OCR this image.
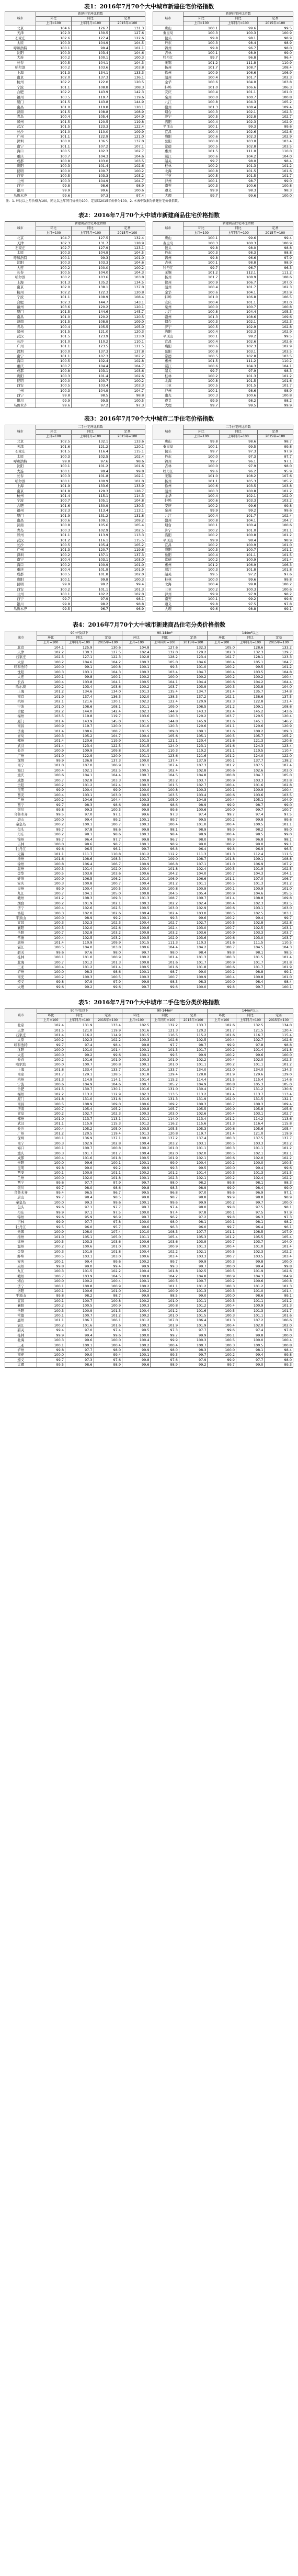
表1：2016年7月70个大中城市新建住宅价格指数
城市	新建住宅环比指数				城市	新建住宅环比指数		
	环比	同比	定基			环比	同比	定基
	上月=100	上年同月=100	2015年=100			上月=100	上年同月=100	2015年=100
北京	104.6	126.7	131.3		唐山	100.1	99.6	99.5
天津	102.3	130.5	127.6		秦皇岛	100.3	100.3	100.9
石家庄	102.6	127.4	122.6		包头	99.8	98.1	98.9
太原	100.3	104.9	104.5		丹东	100.3	98.4	98.9
呼和浩特	100.1	99.4	101.1		锦州	99.8	96.7	98.0
沈阳	100.3	103.4	104.6		吉林	100.1	98.9	99.0
大连	100.2	100.1	100.3		牡丹江	99.7	96.8	96.4
长春	100.5	104.1	104.3		无锡	101.2	111.8	110.9
哈尔滨	100.2	103.6	103.8		扬州	101.7	108.7	108.4
上海	101.3	134.1	133.3		徐州	100.9	106.6	106.9
南京	102.0	137.3	136.1		温州	100.4	101.7	102.3
杭州	102.2	122.0	120.5		金华	100.6	104.0	103.8
宁波	101.1	108.8	108.3		蚌埠	101.0	106.6	106.3
合肥	102.2	143.9	142.3		安庆	100.4	101.1	101.0
福州	103.5	119.7	119.6		泉州	100.0	100.7	100.8
厦门	101.5	143.8	144.9		九江	100.8	104.3	105.2
南昌	101.0	119.8	120.1		赣州	101.3	108.4	109.4
济南	101.5	108.8	108.9		烟台	100.3	102.1	102.3
青岛	100.4	105.4	104.9		济宁	100.5	102.8	102.7
郑州	101.5	120.5	119.8		洛阳	100.4	102.3	102.9
武汉	101.5	123.3	122.4		平顶山	100.1	99.3	99.6
长沙	101.0	110.0	109.9		宜昌	100.4	102.6	102.6
广州	101.1	122.9	121.0		襄阳	100.6	102.3	102.9
深圳	100.0	136.5	137.0		岳阳	100.8	103.0	103.4
南宁	101.1	107.2	107.1		常德	100.5	102.8	103.5
海口	100.5	102.3	102.7		惠州	101.5	111.0	110.0
重庆	100.7	104.3	104.6		湛江	100.6	104.2	104.0
成都	100.8	103.0	103.5		韶关	99.7	98.0	98.4
贵阳	100.3	101.4	102.6		桂林	100.2	101.3	101.2
昆明	100.0	100.7	100.2		北海	100.8	101.5	101.6
西安	100.5	103.3	103.2		三亚	100.5	101.5	101.7
兰州	100.3	104.9	104.7		泸州	100.1	98.7	99.0
西宁	99.8	98.6	98.9		南充	100.3	100.6	100.8
银川	99.9	99.6	100.6		遵义	99.9	98.3	98.3
乌鲁木齐	99.6	97.3	97.4		大理	99.7	99.6	100.0
注：1. 环比以上月价格为100，同比以上年同月价格为100，定基以2015年价格为100。2. 本表中数据为新建住宅价格指数。
表2：2016年7月70个大中城市新建商品住宅价格指数
城市	新建商品住宅环比指数				城市	新建商品住宅环比指数		
	环比	同比	定基			环比	同比	定基
	上月=100	上年同月=100	2015年=100			上月=100	上年同月=100	2015年=100
北京	104.7	127.5	132.4		唐山	100.1	99.6	99.4
天津	102.3	131.7	128.9		秦皇岛	100.3	100.3	100.9
石家庄	102.7	127.9	123.1		包头	99.8	98.0	98.8
太原	100.3	104.9	104.5		丹东	100.3	98.3	98.8
呼和浩特	100.1	99.3	101.0		锦州	99.8	96.6	97.9
沈阳	100.3	103.3	104.6		吉林	100.1	98.8	98.9
大连	100.2	100.0	100.2		牡丹江	99.7	96.7	96.3
长春	100.5	104.0	104.3		无锡	101.2	112.1	111.2
哈尔滨	100.2	103.6	103.8		扬州	101.7	108.9	108.6
上海	101.3	135.2	134.5		徐州	100.9	106.7	107.0
南京	102.0	138.1	137.0		温州	100.4	101.7	102.3
杭州	102.2	122.3	120.8		金华	100.6	104.1	103.9
宁波	101.1	108.9	108.4		蚌埠	101.0	106.8	106.5
合肥	102.3	144.7	143.1		安庆	100.4	101.1	101.0
福州	103.6	120.2	120.1		泉州	100.0	100.7	100.8
厦门	101.5	144.6	145.7		九江	100.8	104.4	105.3
南昌	101.0	120.2	120.5		赣州	101.3	108.6	109.6
济南	101.5	108.9	109.0		烟台	100.3	102.1	102.3
青岛	100.4	105.5	105.0		济宁	100.5	102.9	102.8
郑州	101.5	121.0	120.3		洛阳	100.4	102.3	102.9
武汉	101.5	123.9	123.0		平顶山	100.1	99.2	99.5
长沙	101.0	110.2	110.1		宜昌	100.4	102.6	102.6
广州	101.1	123.5	121.5		襄阳	100.6	102.3	102.9
深圳	100.0	137.3	137.8		岳阳	100.8	103.1	103.5
南宁	101.1	107.3	107.2		常德	100.5	102.8	103.5
海口	100.5	102.4	102.8		惠州	101.5	111.2	110.2
重庆	100.7	104.4	104.7		湛江	100.6	104.3	104.1
成都	100.8	103.1	103.6		韶关	99.7	97.9	98.3
贵阳	100.3	101.4	102.6		桂林	100.2	101.3	101.2
昆明	100.0	100.7	100.2		北海	100.8	101.5	101.6
西安	100.5	103.4	103.3		三亚	100.5	101.5	101.7
兰州	100.3	104.9	104.7		泸州	100.1	98.6	98.9
西宁	99.8	98.5	98.8		南充	100.3	100.6	100.8
银川	99.9	99.5	100.5		遵义	99.9	98.2	98.2
乌鲁木齐	99.6	97.2	97.3		大理	99.7	99.5	99.9
表3：2016年7月70个大中城市二手住宅价格指数
城市	二手住宅环比指数				城市	二手住宅环比指数		
	环比	同比	定基			环比	同比	定基
	上月=100	上年同月=100	2015年=100			上月=100	上年同月=100	2015年=100
北京	102.5	132.1	133.6		唐山	99.8	98.6	98.7
天津	101.6	121.2	120.1		秦皇岛	100.1	99.5	99.8
石家庄	101.5	116.4	115.1		包头	99.7	97.3	97.9
太原	100.3	102.5	102.4		丹东	100.0	97.3	97.7
呼和浩特	99.8	97.6	98.6		锦州	99.7	96.1	97.1
沈阳	100.1	101.2	101.6		吉林	100.0	97.9	98.0
大连	100.1	99.4	99.8		牡丹江	99.6	96.2	95.9
长春	100.3	101.8	102.1		无锡	101.0	108.2	107.6
哈尔滨	100.1	100.9	101.0		扬州	101.1	105.3	105.2
上海	101.9	133.6	133.9		徐州	100.6	103.5	103.8
南京	101.8	129.3	128.7		温州	100.3	100.8	101.2
杭州	101.4	115.1	114.3		金华	100.4	102.1	102.0
宁波	100.7	105.1	104.8		蚌埠	100.6	103.3	103.2
合肥	101.6	130.9	130.3		安庆	100.2	99.6	99.8
福州	102.3	113.4	113.1		泉州	99.9	99.2	99.6
厦门	101.9	131.2	131.8		九江	100.4	101.7	102.4
南昌	100.6	109.1	109.2		赣州	100.8	104.1	104.7
济南	100.8	105.6	105.4		烟台	100.1	100.4	100.6
青岛	100.3	102.9	102.5		济宁	100.2	101.0	101.1
郑州	101.1	113.9	113.3		洛阳	100.2	100.8	101.2
武汉	101.2	116.1	115.5		平顶山	99.9	98.4	98.9
长沙	100.5	105.4	105.2		宜昌	100.2	100.9	101.0
广州	101.3	120.7	119.6		襄阳	100.3	100.7	101.1
深圳	100.2	137.1	137.3		岳阳	100.4	101.1	101.5
南宁	100.4	103.1	103.0		常德	100.2	100.9	101.4
海口	100.2	100.9	101.0		惠州	101.2	106.9	106.3
重庆	100.4	101.9	101.9		湛江	100.3	101.8	101.8
成都	100.5	101.8	102.0		韶关	99.5	97.2	97.6
贵阳	100.1	99.8	100.3		桂林	100.0	99.6	99.8
昆明	99.9	99.2	99.4		北海	100.4	99.8	100.2
西安	100.2	101.1	101.3		三亚	100.2	100.3	100.6
兰州	100.1	102.2	102.0		泸州	99.9	97.9	98.2
西宁	99.7	97.9	98.1		南充	100.1	99.2	99.6
银川	99.8	98.2	98.8		遵义	99.8	97.5	97.8
乌鲁木齐	99.5	96.7	96.9		大理	99.6	98.8	99.1
表4：2016年7月70个大中城市新建商品住宅分类价格指数
城市	90m²及以下			90-144m²			144m²以上		
	环比	同比	定基	环比	同比	定基	环比	同比	定基
	上月=100	上年同月=100	2015年=100	上月=100	上年同月=100	2015年=100	上月=100	上年同月=100	2015年=100
北京	104.1	125.9	130.6	104.8	127.6	132.3	105.0	128.6	133.2
天津	102.2	130.3	127.5	102.4	132.0	129.2	102.3	132.3	129.7
石家庄	102.5	127.1	122.3	102.8	128.2	123.4	102.7	128.1	123.3
太原	100.2	104.6	104.2	100.3	105.0	104.6	100.4	105.1	104.7
呼和浩特	100.0	99.1	100.8	100.1	99.3	101.0	100.2	99.5	101.2
沈阳	100.3	103.1	104.3	100.3	103.4	104.7	100.4	103.5	104.8
大连	100.1	99.8	100.1	100.2	100.0	100.2	100.2	100.2	100.4
长春	100.4	103.8	104.1	100.5	104.1	104.4	100.6	104.2	104.4
哈尔滨	100.2	103.4	103.6	100.2	103.7	103.9	100.3	103.8	104.0
上海	101.2	134.6	134.0	101.3	135.4	134.7	101.4	135.7	134.8
南京	101.9	137.4	136.3	102.0	138.3	137.2	102.1	138.6	137.5
杭州	102.1	121.6	120.1	102.2	122.4	120.9	102.3	122.8	121.4
宁波	101.0	108.6	108.1	101.1	109.0	108.5	101.2	109.1	108.6
合肥	102.2	144.0	142.4	102.3	144.9	143.3	102.4	145.2	143.6
福州	103.5	119.8	119.7	103.6	120.3	120.2	103.7	120.5	120.4
厦门	101.4	143.9	145.0	101.5	144.8	145.9	101.6	145.1	146.2
南昌	100.9	119.7	120.0	101.0	120.3	120.6	101.1	120.6	120.9
济南	101.4	108.6	108.7	101.5	109.0	109.1	101.6	109.2	109.3
青岛	100.3	105.2	104.7	100.4	105.6	105.1	100.5	105.7	105.2
郑州	101.4	120.6	119.9	101.5	121.1	120.4	101.6	121.3	120.6
武汉	101.4	123.4	122.5	101.5	124.0	123.1	101.6	124.3	123.4
长沙	100.9	109.9	109.8	101.0	110.3	110.2	101.1	110.5	110.4
广州	101.0	122.9	120.9	101.1	123.6	121.6	101.2	124.0	122.0
深圳	99.9	136.8	137.3	100.0	137.4	137.9	100.1	137.7	138.2
南宁	101.0	107.0	106.9	101.1	107.4	107.3	101.2	107.5	107.4
海口	100.4	102.1	102.5	100.5	102.4	102.8	100.6	102.6	103.0
重庆	100.6	104.1	104.4	100.7	104.5	104.8	100.8	104.7	105.0
成都	100.7	102.8	103.3	100.8	103.2	103.7	100.9	103.3	103.8
贵阳	100.2	101.2	102.4	100.3	101.5	102.7	100.4	101.6	102.8
昆明	99.9	100.4	99.9	100.0	100.8	100.3	100.1	100.9	100.4
西安	100.4	103.1	103.0	100.5	103.5	103.4	100.6	103.6	103.5
兰州	100.2	104.6	104.4	100.3	105.0	104.8	100.4	105.1	104.9
西宁	99.7	98.3	98.6	99.8	98.6	98.9	99.9	98.7	99.0
银川	99.8	99.3	100.3	99.9	99.6	100.6	100.0	99.7	100.7
乌鲁木齐	99.5	97.0	97.1	99.6	97.3	97.4	99.7	97.4	97.5
唐山	100.0	99.4	99.2	100.1	99.7	99.5	100.2	99.8	99.6
秦皇岛	100.2	100.1	100.7	100.3	100.4	101.0	100.4	100.5	101.1
包头	99.7	97.8	98.6	99.8	98.1	98.9	99.9	98.2	99.0
丹东	100.2	98.1	98.6	100.3	98.4	98.9	100.4	98.5	99.0
锦州	99.7	96.4	97.7	99.8	96.7	98.0	99.9	96.8	98.1
吉林	100.0	98.6	98.7	100.1	98.9	99.0	100.2	99.0	99.1
牡丹江	99.6	96.5	96.1	99.7	96.8	96.4	99.8	96.9	96.5
无锡	101.1	111.7	110.8	101.2	112.2	111.3	101.3	112.4	111.5
扬州	101.6	108.6	108.3	101.7	109.0	108.7	101.8	109.1	108.8
徐州	100.8	106.4	106.7	100.9	106.8	107.1	101.0	106.9	107.2
温州	100.3	101.4	102.0	100.4	101.8	102.4	100.5	101.9	102.5
金华	100.5	103.8	103.6	100.6	104.2	104.0	100.7	104.3	104.1
蚌埠	100.9	106.5	106.2	101.0	106.9	106.6	101.1	107.0	106.7
安庆	100.3	100.8	100.7	100.4	101.2	101.1	100.5	101.3	101.2
泉州	99.9	100.4	100.5	100.0	100.8	100.9	100.1	100.9	101.0
九江	100.7	104.1	105.0	100.8	104.5	105.4	100.9	104.6	105.5
赣州	101.2	108.3	109.3	101.3	108.7	109.7	101.4	108.8	109.8
烟台	100.2	101.9	102.1	100.3	102.2	102.4	100.4	102.3	102.5
济宁	100.4	102.6	102.5	100.5	103.0	102.9	100.6	103.1	103.0
洛阳	100.3	102.0	102.6	100.4	102.4	103.0	100.5	102.5	103.1
平顶山	100.0	98.9	99.2	100.1	99.3	99.6	100.2	99.4	99.7
宜昌	100.3	102.3	102.3	100.4	102.7	102.7	100.5	102.8	102.8
襄阳	100.5	102.0	102.6	100.6	102.4	103.0	100.7	102.5	103.1
岳阳	100.7	102.8	103.2	100.8	103.2	103.6	100.9	103.3	103.7
常德	100.4	102.5	103.2	100.5	102.9	103.6	100.6	103.0	103.7
惠州	101.4	110.9	109.9	101.5	111.3	110.3	101.6	111.5	110.5
湛江	100.5	104.0	103.8	100.6	104.4	104.2	100.7	104.5	104.3
韶关	99.6	97.6	98.0	99.7	98.0	98.4	99.8	98.1	98.5
桂林	100.1	101.0	100.9	100.2	101.4	101.3	100.3	101.5	101.4
北海	100.7	101.2	101.3	100.8	101.6	101.7	100.9	101.7	101.8
三亚	100.4	101.2	101.4	100.5	101.6	101.8	100.6	101.7	101.9
泸州	100.0	98.3	98.6	100.1	98.7	99.0	100.2	98.8	99.1
南充	100.2	100.3	100.5	100.3	100.7	100.9	100.4	100.8	101.0
遵义	99.8	97.9	97.9	99.9	98.3	98.3	100.0	98.4	98.4
大理	99.6	99.2	99.6	99.7	99.6	100.0	99.8	99.7	100.1
表5：2016年7月70个大中城市二手住宅分类价格指数
城市	90m²及以下			90-144m²			144m²以上		
	环比	同比	定基	环比	同比	定基	环比	同比	定基
	上月=100	上年同月=100	2015年=100	上月=100	上年同月=100	2015年=100	上月=100	上年同月=100	2015年=100
北京	102.4	131.9	133.4	102.5	132.2	133.7	102.6	132.5	134.0
天津	101.5	121.0	119.9	101.6	121.3	120.2	101.7	121.5	120.4
石家庄	101.4	116.2	114.9	101.5	116.5	115.2	101.6	116.7	115.4
太原	100.2	102.3	102.2	100.3	102.6	102.5	100.4	102.7	102.6
呼和浩特	99.7	97.4	98.4	99.8	97.7	98.7	99.9	97.8	98.8
沈阳	100.0	101.0	101.4	100.1	101.3	101.7	100.2	101.4	101.8
大连	100.0	99.2	99.6	100.1	99.5	99.9	100.2	99.6	100.0
长春	100.2	101.6	101.9	100.3	101.9	102.2	100.4	102.0	102.3
哈尔滨	100.0	100.7	100.8	100.1	101.0	101.1	100.2	101.1	101.2
上海	101.8	133.4	133.7	101.9	133.7	134.0	102.0	134.0	134.3
南京	101.7	129.1	128.5	101.8	129.4	128.8	101.9	129.6	129.0
杭州	101.3	114.9	114.1	101.4	115.2	114.4	101.5	115.4	114.6
宁波	100.6	104.9	104.6	100.7	105.2	104.9	100.8	105.3	105.0
合肥	101.5	130.7	130.1	101.6	131.0	130.4	101.7	131.2	130.6
福州	102.2	113.2	112.9	102.3	113.5	113.2	102.4	113.7	113.4
厦门	101.8	131.0	131.6	101.9	131.3	131.9	102.0	131.5	132.1
南昌	100.5	108.9	109.0	100.6	109.2	109.3	100.7	109.3	109.4
济南	100.7	105.4	105.2	100.8	105.7	105.5	100.9	105.8	105.6
青岛	100.2	102.7	102.3	100.3	103.0	102.6	100.4	103.1	102.7
郑州	101.0	113.7	113.1	101.1	114.0	113.4	101.2	114.2	113.6
武汉	101.1	115.9	115.3	101.2	116.2	115.6	101.3	116.4	115.8
长沙	100.4	105.2	105.0	100.5	105.5	105.3	100.6	105.6	105.4
广州	101.2	120.5	119.4	101.3	120.8	119.7	101.4	121.0	119.9
深圳	100.1	136.9	137.1	100.2	137.2	137.4	100.3	137.5	137.7
南宁	100.3	102.9	102.8	100.4	103.2	103.1	100.5	103.3	103.2
海口	100.1	100.7	100.8	100.2	101.0	101.1	100.3	101.1	101.2
重庆	100.3	101.7	101.7	100.4	102.0	102.0	100.5	102.1	102.1
成都	100.4	101.6	101.8	100.5	101.9	102.1	100.6	102.0	102.2
贵阳	100.0	99.6	100.1	100.1	99.9	100.4	100.2	100.0	100.5
昆明	99.8	99.0	99.2	99.9	99.3	99.5	100.0	99.4	99.6
西安	100.1	100.9	101.1	100.2	101.2	101.4	100.3	101.3	101.5
兰州	100.0	102.0	101.8	100.1	102.3	102.1	100.2	102.4	102.2
西宁	99.6	97.7	97.9	99.7	98.0	98.2	99.8	98.1	98.3
银川	99.7	98.0	98.6	99.8	98.3	98.9	99.9	98.4	99.0
乌鲁木齐	99.4	96.5	96.7	99.5	96.8	97.0	99.6	96.9	97.1
唐山	99.7	98.4	98.5	99.8	98.7	98.8	99.9	98.8	98.9
秦皇岛	100.0	99.3	99.6	100.1	99.6	99.9	100.2	99.7	100.0
包头	99.6	97.1	97.7	99.7	97.4	98.0	99.8	97.5	98.1
丹东	99.9	97.1	97.5	100.0	97.4	97.8	100.1	97.5	97.9
锦州	99.6	95.9	96.9	99.7	96.2	97.2	99.8	96.3	97.3
吉林	99.9	97.7	97.8	100.0	98.0	98.1	100.1	98.1	98.2
牡丹江	99.5	96.0	95.7	99.6	96.3	96.0	99.7	96.4	96.1
无锡	100.9	108.0	107.4	101.0	108.3	107.7	101.1	108.5	107.9
扬州	101.0	105.1	105.0	101.1	105.4	105.3	101.2	105.5	105.4
徐州	100.5	103.3	103.6	100.6	103.6	103.9	100.7	103.7	104.0
温州	100.2	100.6	101.0	100.3	100.9	101.3	100.4	101.0	101.4
金华	100.3	101.9	101.8	100.4	102.2	102.1	100.5	102.3	102.2
蚌埠	100.5	103.1	103.0	100.6	103.4	103.3	100.7	103.5	103.4
安庆	100.1	99.4	99.6	100.2	99.7	99.9	100.3	99.8	100.0
泉州	99.8	99.0	99.4	99.9	99.3	99.7	100.0	99.4	99.8
九江	100.3	101.5	102.2	100.4	101.8	102.5	100.5	101.9	102.6
赣州	100.7	103.9	104.5	100.8	104.2	104.8	100.9	104.3	104.9
烟台	100.0	100.2	100.4	100.1	100.5	100.7	100.2	100.6	100.8
济宁	100.1	100.8	100.9	100.2	101.1	101.2	100.3	101.2	101.3
洛阳	100.1	100.6	101.0	100.2	100.9	101.3	100.3	101.0	101.4
平顶山	99.8	98.2	98.7	99.9	98.5	99.0	100.0	98.6	99.1
宜昌	100.1	100.7	100.8	100.2	101.0	101.1	100.3	101.1	101.2
襄阳	100.2	100.5	100.9	100.3	100.8	101.2	100.4	100.9	101.3
岳阳	100.3	100.9	101.3	100.4	101.2	101.6	100.5	101.3	101.7
常德	100.1	100.7	101.2	100.2	101.0	101.5	100.3	101.1	101.6
惠州	101.1	106.7	106.1	101.2	107.0	106.4	101.3	107.2	106.6
湛江	100.2	101.6	101.6	100.3	101.9	101.9	100.4	102.0	102.0
韶关	99.4	97.0	97.4	99.5	97.3	97.7	99.6	97.4	97.8
桂林	99.9	99.4	99.6	100.0	99.7	99.9	100.1	99.8	100.0
北海	100.3	99.6	100.0	100.4	99.9	100.3	100.5	100.0	100.4
三亚	100.1	100.1	100.4	100.2	100.4	100.7	100.3	100.5	100.8
泸州	99.8	97.7	98.0	99.9	98.0	98.3	100.0	98.1	98.4
南充	100.0	99.0	99.4	100.1	99.3	99.7	100.2	99.4	99.8
遵义	99.7	97.3	97.6	99.8	97.6	97.9	99.9	97.7	98.0
大理	99.5	98.6	98.9	99.6	98.9	99.2	99.7	99.0	99.3
